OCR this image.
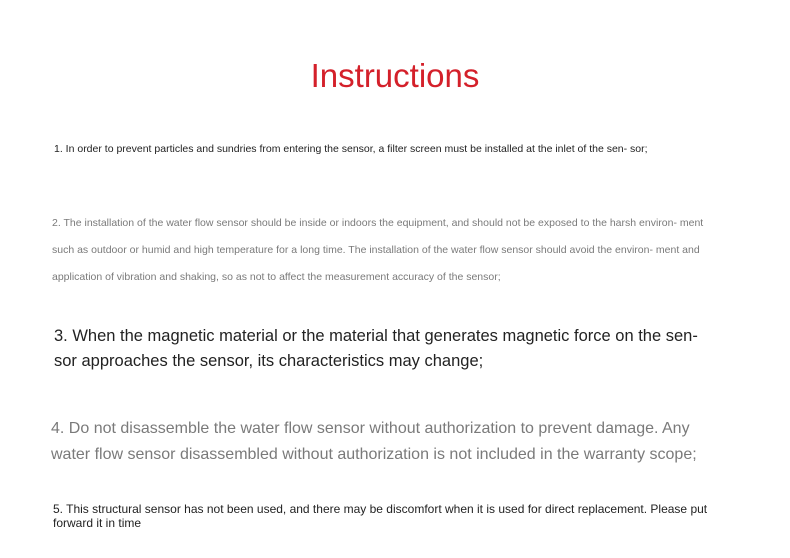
Instructions

1. In order to prevent particles and sundries from entering the sensor, a filter screen must be installed at the inlet of the sen- sor;

2. The installation of the water flow sensor should be inside or indoors the equipment, and should not be exposed to the harsh environ- ment such as outdoor or humid and high temperature for a long time. The installation of the water flow sensor should avoid the environ- ment and application of vibration and shaking, so as not to affect the measurement accuracy of the sensor;

3. When the magnetic material or the material that generates magnetic force on the sen- sor approaches the sensor, its characteristics may change;

4. Do not disassemble the water flow sensor without authorization to prevent damage. Any water flow sensor disassembled without authorization is not included in the warranty scope;

5. This structural sensor has not been used, and there may be discomfort when it is used for direct replacement. Please put forward it in time
